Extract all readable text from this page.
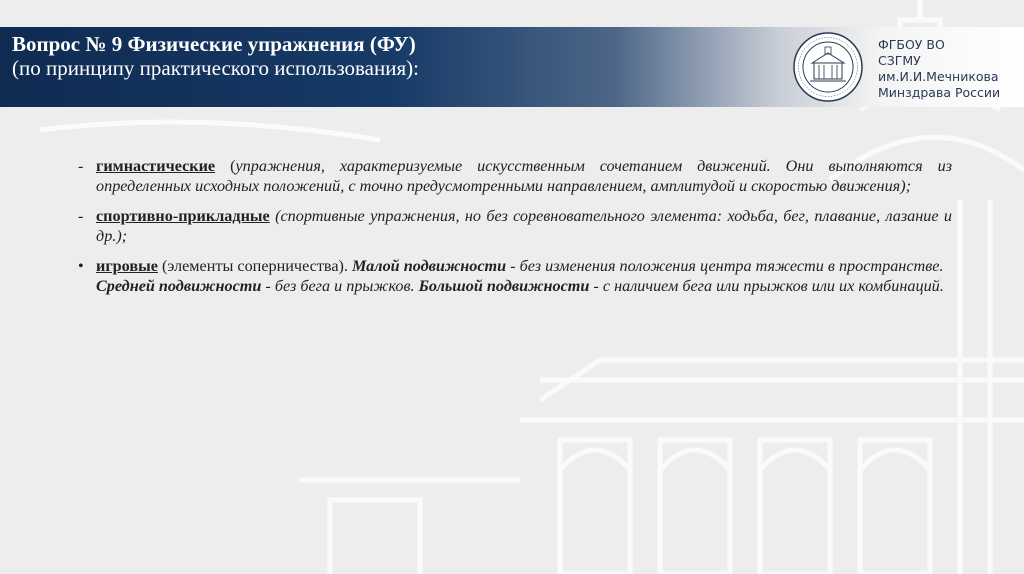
Вопрос № 9 Физические упражнения (ФУ)
(по принципу практического использования):
ФГБОУ ВО
СЗГМУ
им.И.И.Мечникова
Минздрава России
- гимнастические (упражнения, характеризуемые искусственным сочетанием движений. Они выполняются из определенных исходных положений, с точно предусмотренными направлением, амплитудой и скоростью движения);
- спортивно-прикладные (спортивные упражнения, но без соревновательного элемента: ходьба, бег, плавание, лазание и др.);
• игровые (элементы соперничества). Малой подвижности - без изменения положения центра тяжести в пространстве. Средней подвижности - без бега и прыжков. Большой подвижности - с наличием бега или прыжков или их комбинаций.
